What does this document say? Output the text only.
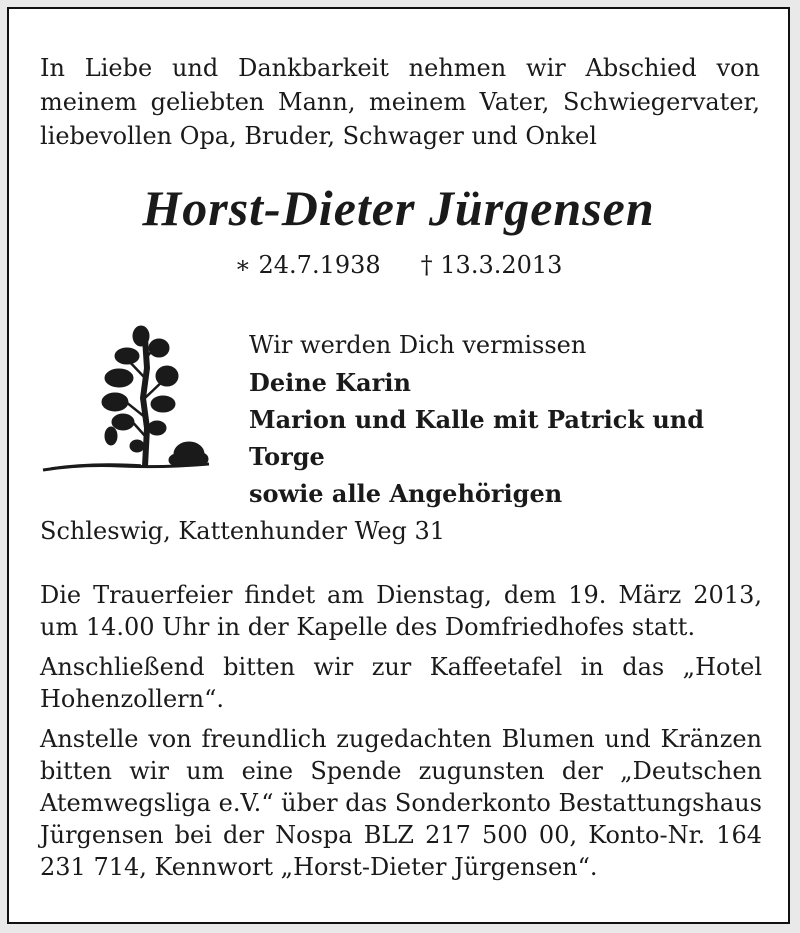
In Liebe und Dankbarkeit nehmen wir Abschied von
meinem geliebten Mann, meinem Vater, Schwiegervater,
liebevollen Opa, Bruder, Schwager und Onkel
Horst-Dieter Jürgensen
∗ 24.7.1938 † 13.3.2013
Wir werden Dich vermissen
Deine Karin
Marion und Kalle mit Patrick und Torge
sowie alle Angehörigen
Schleswig, Kattenhunder Weg 31

Die Trauerfeier findet am Dienstag, dem 19. März 2013, um 14.00 Uhr in der Kapelle des Domfriedhofes statt.

Anschließend bitten wir zur Kaffeetafel in das „Hotel Hohenzollern“.

Anstelle von freundlich zugedachten Blumen und Kränzen bitten wir um eine Spende zugunsten der „Deutschen Atemwegsliga e.V.“ über das Sonderkonto Bestattungshaus Jürgensen bei der Nospa BLZ 217 500 00, Konto-Nr. 164 231 714, Kennwort „Horst-Dieter Jürgensen“.
